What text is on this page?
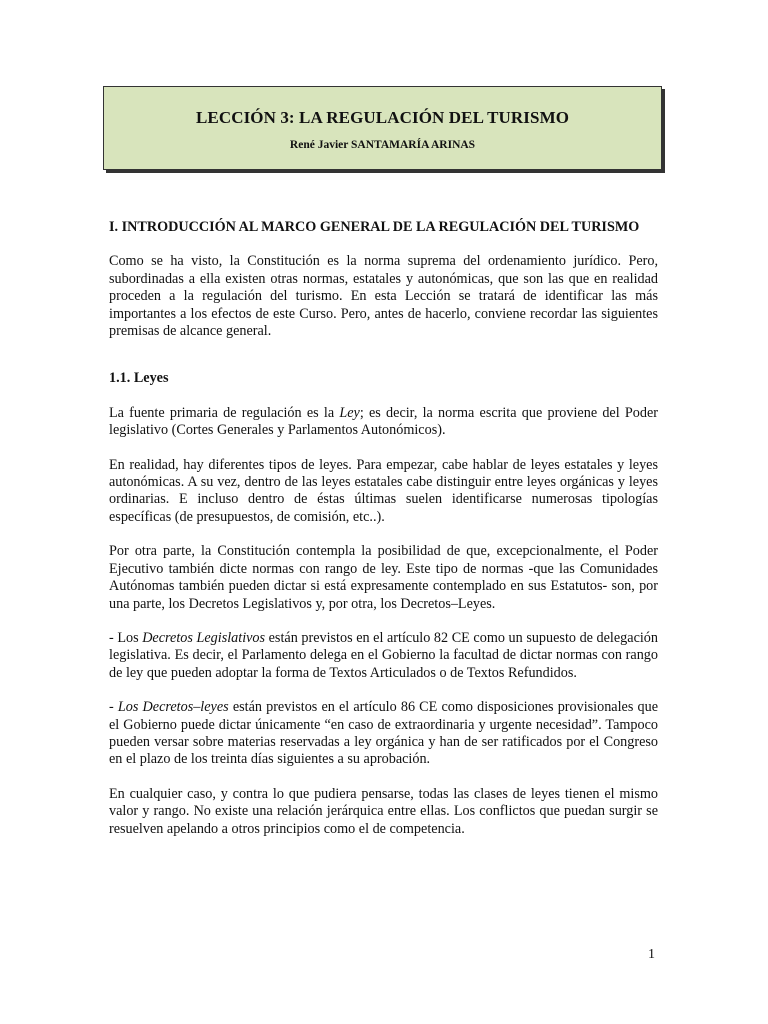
LECCIÓN 3: LA REGULACIÓN DEL TURISMO
René Javier SANTAMARÍA ARINAS

I. INTRODUCCIÓN AL MARCO GENERAL DE LA REGULACIÓN DEL TURISMO

Como se ha visto, la Constitución es la norma suprema del ordenamiento jurídico. Pero, subordinadas a ella existen otras normas, estatales y autonómicas, que son las que en realidad proceden a la regulación del turismo. En esta Lección se tratará de identificar las más importantes a los efectos de este Curso. Pero, antes de hacerlo, conviene recordar las siguientes premisas de alcance general.

1.1. Leyes

La fuente primaria de regulación es la Ley; es decir, la norma escrita que proviene del Poder legislativo (Cortes Generales y Parlamentos Autonómicos).

En realidad, hay diferentes tipos de leyes. Para empezar, cabe hablar de leyes estatales y leyes autonómicas. A su vez, dentro de las leyes estatales cabe distinguir entre leyes orgánicas y leyes ordinarias. E incluso dentro de éstas últimas suelen identificarse numerosas tipologías específicas (de presupuestos, de comisión, etc..).

Por otra parte, la Constitución contempla la posibilidad de que, excepcionalmente, el Poder Ejecutivo también dicte normas con rango de ley. Este tipo de normas -que las Comunidades Autónomas también pueden dictar si está expresamente contemplado en sus Estatutos- son, por una parte, los Decretos Legislativos y, por otra, los Decretos–Leyes.

- Los Decretos Legislativos están previstos en el artículo 82 CE como un supuesto de delegación legislativa. Es decir, el Parlamento delega en el Gobierno la facultad de dictar normas con rango de ley que pueden adoptar la forma de Textos Articulados o de Textos Refundidos.

- Los Decretos–leyes están previstos en el artículo 86 CE como disposiciones provisionales que el Gobierno puede dictar únicamente “en caso de extraordinaria y urgente necesidad”. Tampoco pueden versar sobre materias reservadas a ley orgánica y han de ser ratificados por el Congreso en el plazo de los treinta días siguientes a su aprobación.

En cualquier caso, y contra lo que pudiera pensarse, todas las clases de leyes tienen el mismo valor y rango. No existe una relación jerárquica entre ellas. Los conflictos que puedan surgir se resuelven apelando a otros principios como el de competencia.

1
